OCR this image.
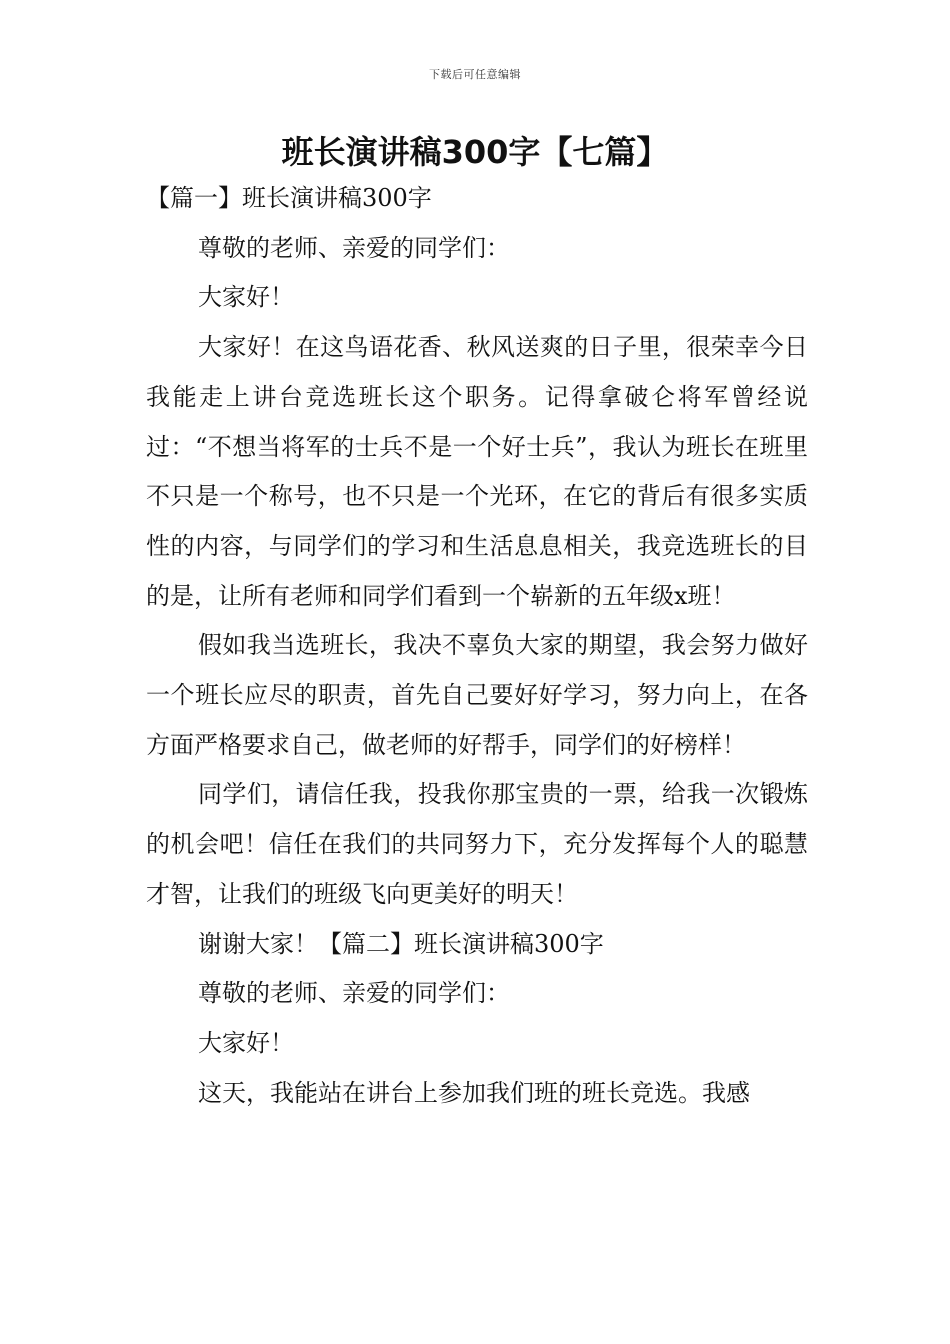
下载后可任意编辑
班长演讲稿300字【七篇】

【篇一】班长演讲稿300字

尊敬的老师、亲爱的同学们：

大家好！

大家好！在这鸟语花香、秋风送爽的日子里，很荣幸今日我能走上讲台竞选班长这个职务。记得拿破仑将军曾经说过：“不想当将军的士兵不是一个好士兵”，我认为班长在班里不只是一个称号，也不只是一个光环，在它的背后有很多实质性的内容，与同学们的学习和生活息息相关，我竞选班长的目的是，让所有老师和同学们看到一个崭新的五年级x班！

假如我当选班长，我决不辜负大家的期望，我会努力做好一个班长应尽的职责，首先自己要好好学习，努力向上，在各方面严格要求自己，做老师的好帮手，同学们的好榜样！

同学们，请信任我，投我你那宝贵的一票，给我一次锻炼的机会吧！信任在我们的共同努力下，充分发挥每个人的聪慧才智，让我们的班级飞向更美好的明天！

谢谢大家！【篇二】班长演讲稿300字

尊敬的老师、亲爱的同学们：

大家好！

这天，我能站在讲台上参加我们班的班长竞选。我感
